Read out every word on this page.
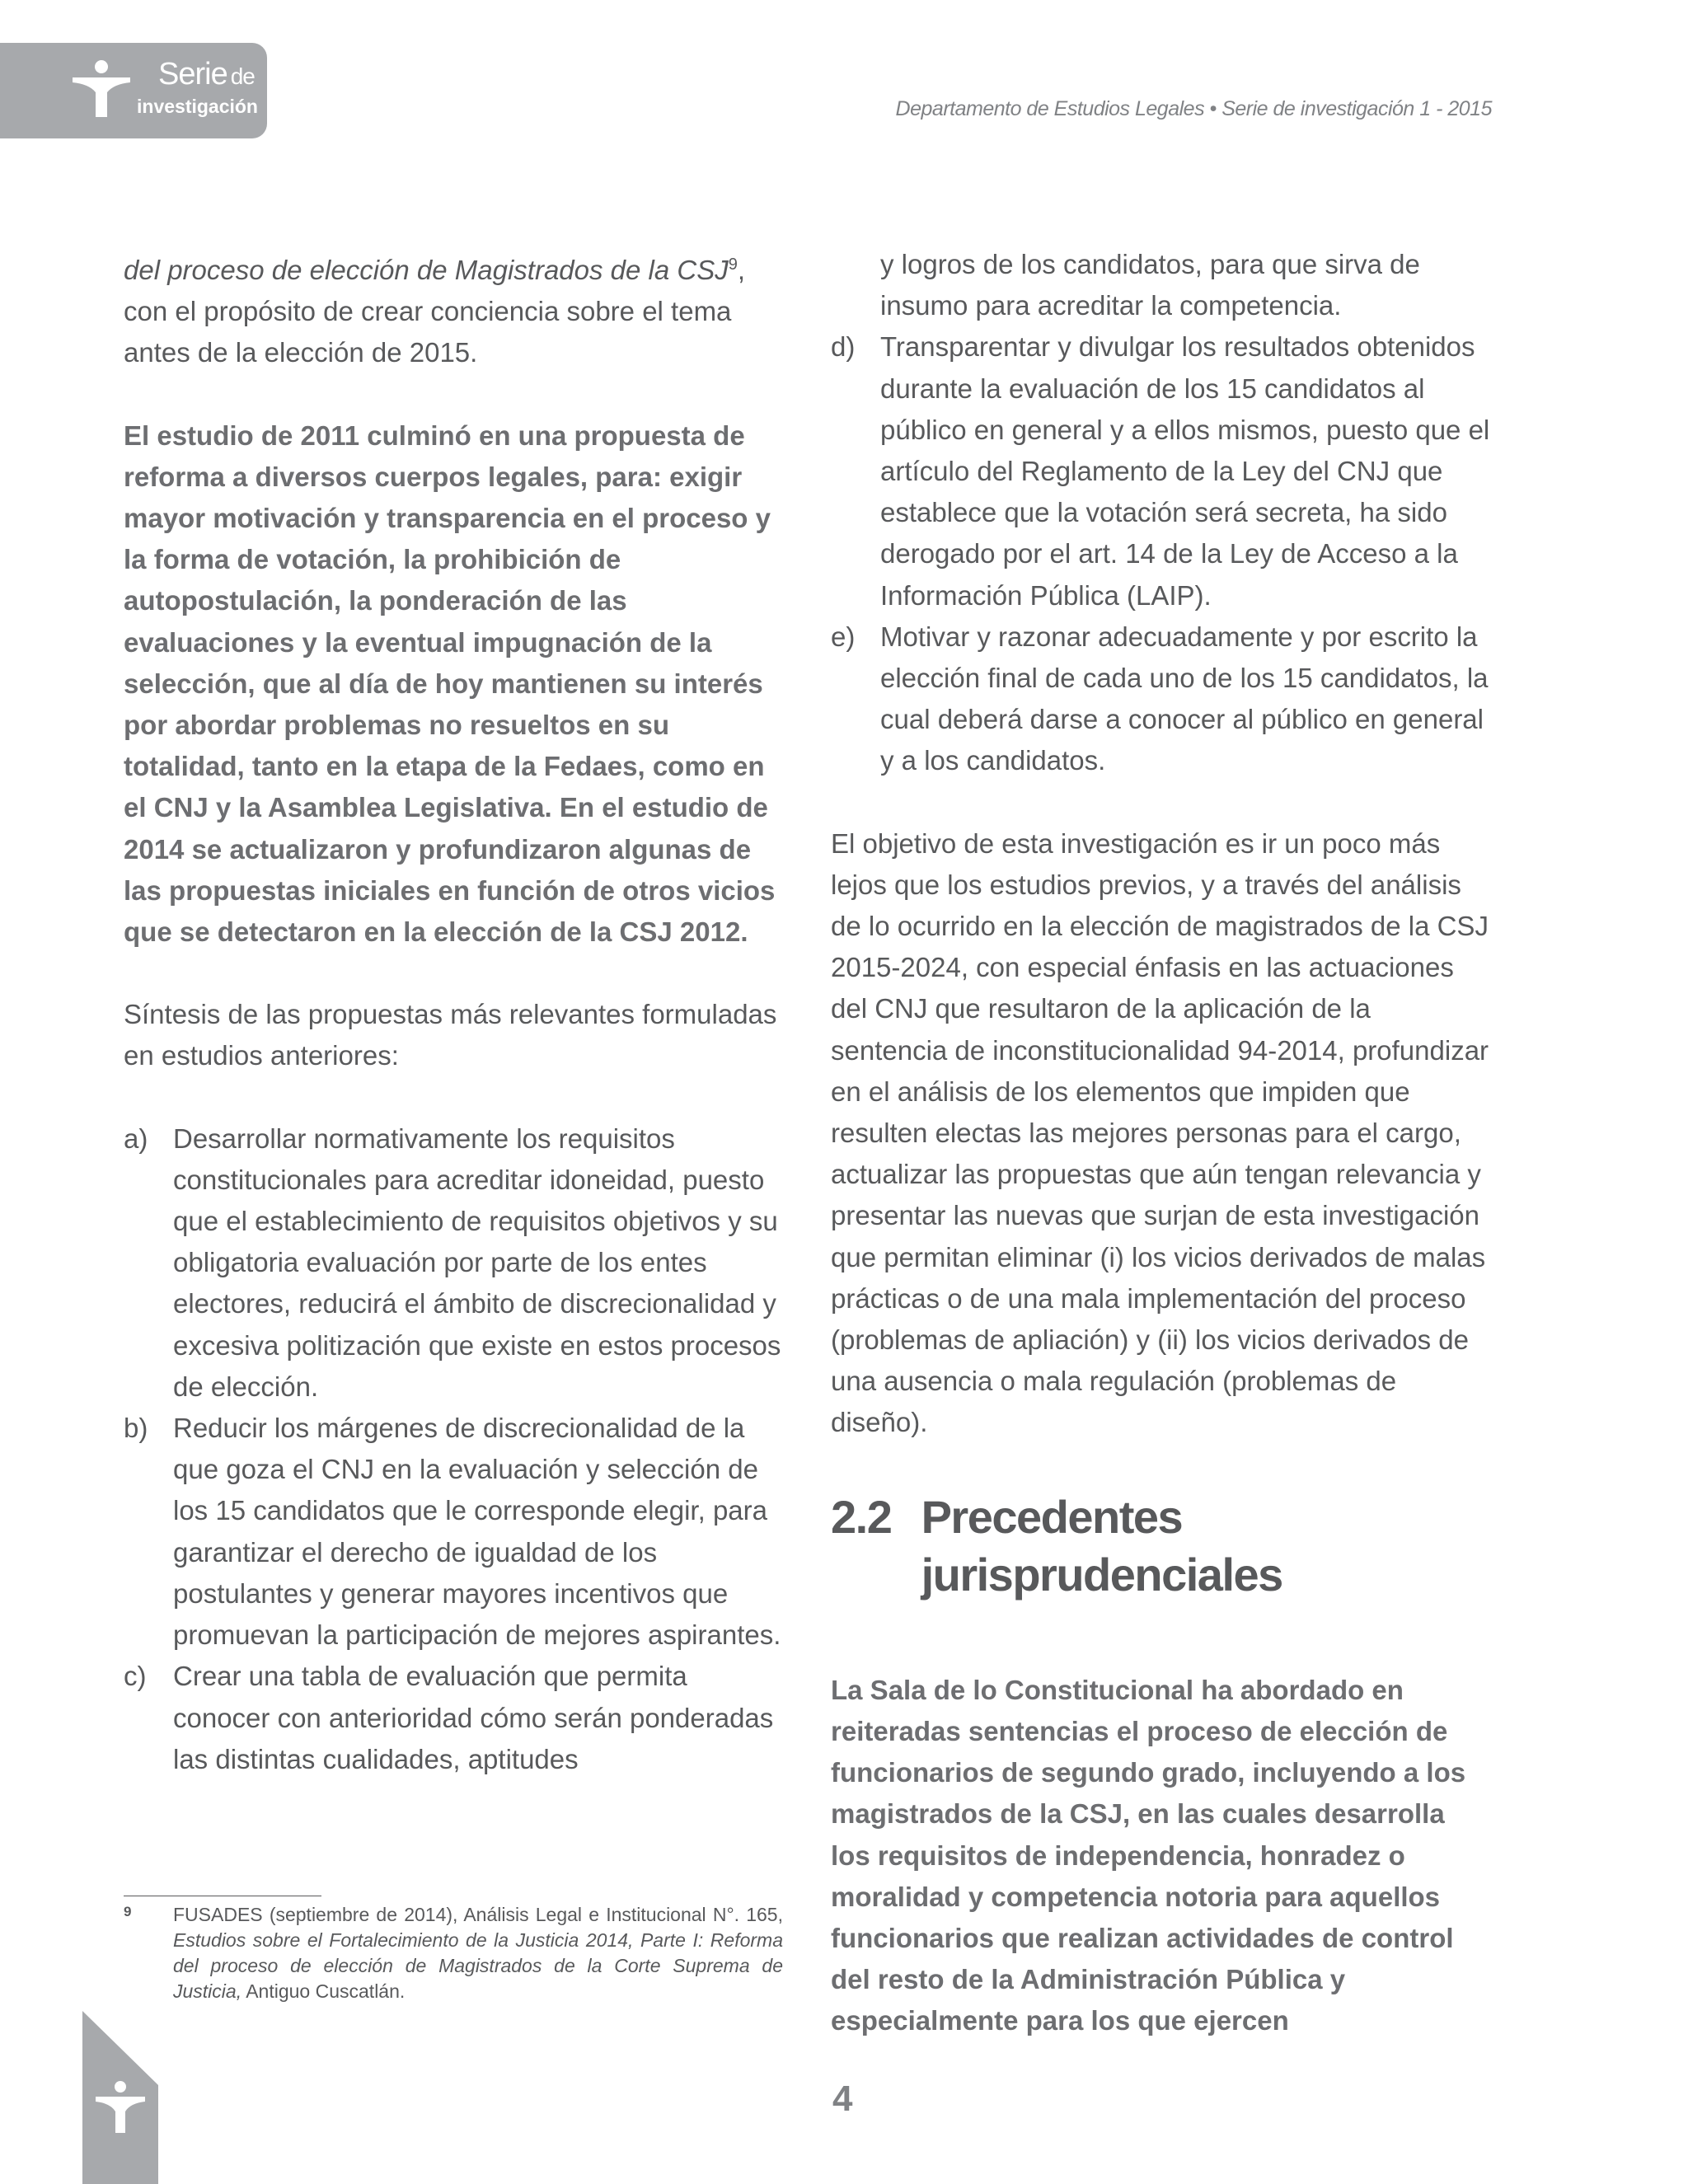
Serie de
investigación	Departamento de Estudios Legales • Serie de investigación 1 - 2015

del proceso de elección de Magistrados de la CSJ$^9$, con el propósito de crear conciencia sobre el tema antes de la elección de 2015.

El estudio de 2011 culminó en una propuesta de reforma a diversos cuerpos legales, para: exigir mayor motivación y transparencia en el proceso y la forma de votación, la prohibición de autopostulación, la ponderación de las evaluaciones y la eventual impugnación de la selección, que al día de hoy mantienen su interés por abordar problemas no resueltos en su totalidad, tanto en la etapa de la Fedaes, como en el CNJ y la Asamblea Legislativa. En el estudio de 2014 se actualizaron y profundizaron algunas de las propuestas iniciales en función de otros vicios que se detectaron en la elección de la CSJ 2012.

Síntesis de las propuestas más relevantes formuladas en estudios anteriores:

a) Desarrollar normativamente los requisitos constitucionales para acreditar idoneidad, puesto que el establecimiento de requisitos objetivos y su obligatoria evaluación por parte de los entes electores, reducirá el ámbito de discrecionalidad y excesiva politización que existe en estos procesos de elección.
b) Reducir los márgenes de discrecionalidad de la que goza el CNJ en la evaluación y selección de los 15 candidatos que le corresponde elegir, para garantizar el derecho de igualdad de los postulantes y generar mayores incentivos que promuevan la participación de mejores aspirantes.
c) Crear una tabla de evaluación que permita conocer con anterioridad cómo serán ponderadas las distintas cualidades, aptitudes
9 FUSADES (septiembre de 2014), Análisis Legal e Institucional N°. 165, Estudios sobre el Fortalecimiento de la Justicia 2014, Parte I: Reforma del proceso de elección de Magistrados de la Corte Suprema de Justicia, Antiguo Cuscatlán.
y logros de los candidatos, para que sirva de insumo para acreditar la competencia.
d) Transparentar y divulgar los resultados obtenidos durante la evaluación de los 15 candidatos al público en general y a ellos mismos, puesto que el artículo del Reglamento de la Ley del CNJ que establece que la votación será secreta, ha sido derogado por el art. 14 de la Ley de Acceso a la Información Pública (LAIP).
e) Motivar y razonar adecuadamente y por escrito la elección final de cada uno de los 15 candidatos, la cual deberá darse a conocer al público en general y a los candidatos.

El objetivo de esta investigación es ir un poco más lejos que los estudios previos, y a través del análisis de lo ocurrido en la elección de magistrados de la CSJ 2015-2024, con especial énfasis en las actuaciones del CNJ que resultaron de la aplicación de la sentencia de inconstitucionalidad 94-2014, profundizar en el análisis de los elementos que impiden que resulten electas las mejores personas para el cargo, actualizar las propuestas que aún tengan relevancia y presentar las nuevas que surjan de esta investigación que permitan eliminar (i) los vicios derivados de malas prácticas o de una mala implementación del proceso (problemas de apliación) y (ii) los vicios derivados de una ausencia o mala regulación (problemas de diseño).

2.2 Precedentes jurisprudenciales

La Sala de lo Constitucional ha abordado en reiteradas sentencias el proceso de elección de funcionarios de segundo grado, incluyendo a los magistrados de la CSJ, en las cuales desarrolla los requisitos de independencia, honradez o moralidad y competencia notoria para aquellos funcionarios que realizan actividades de control del resto de la Administración Pública y especialmente para los que ejercen

4
